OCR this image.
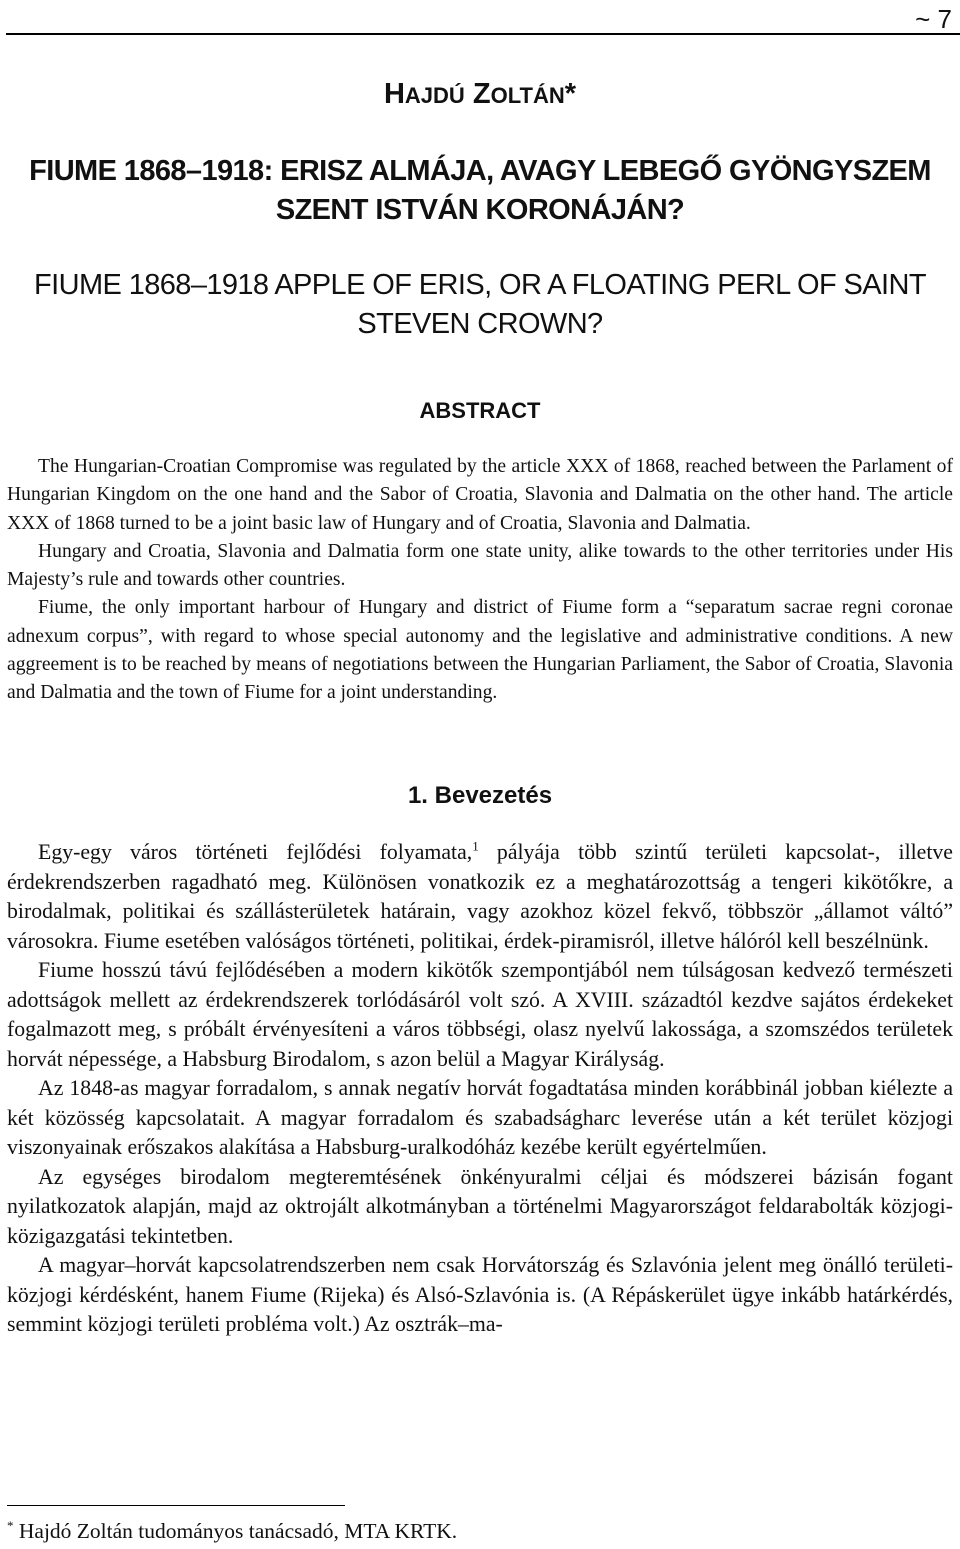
~ 7
HAJDÚ ZOLTÁN*
FIUME 1868–1918: ERISZ ALMÁJA, AVAGY LEBEGŐ GYÖNGYSZEM
SZENT ISTVÁN KORONÁJÁN?
FIUME 1868–1918 APPLE OF ERIS, OR A FLOATING PERL OF SAINT
STEVEN CROWN?
ABSTRACT

The Hungarian-Croatian Compromise was regulated by the article XXX of 1868, reached between the Parlament of Hungarian Kingdom on the one hand and the Sabor of Croatia, Slavonia and Dalmatia on the other hand. The article XXX of 1868 turned to be a joint basic law of Hungary and of Croatia, Slavonia and Dalmatia.

Hungary and Croatia, Slavonia and Dalmatia form one state unity, alike towards to the other territories under His Majesty’s rule and towards other countries.

Fiume, the only important harbour of Hungary and district of Fiume form a “separatum sacrae regni coronae adnexum corpus”, with regard to whose special autonomy and the legislative and administrative conditions. A new aggreement is to be reached by means of negotiations between the Hungarian Parliament, the Sabor of Croatia, Slavonia and Dalmatia and the town of Fiume for a joint understanding.

1. Bevezetés

Egy-egy város történeti fejlődési folyamata,$^1$ pályája több szintű területi kapcsolat-, illetve érdekrendszerben ragadható meg. Különösen vonatkozik ez a meghatározottság a tengeri kikötőkre, a birodalmak, politikai és szállásterületek határain, vagy azokhoz közel fekvő, többször „államot váltó” városokra. Fiume esetében valóságos történeti, politikai, érdek-piramisról, illetve hálóról kell beszélnünk.

Fiume hosszú távú fejlődésében a modern kikötők szempontjából nem túlságosan kedvező természeti adottságok mellett az érdekrendszerek torlódásáról volt szó. A XVIII. századtól kezdve sajátos érdekeket fogalmazott meg, s próbált érvényesíteni a város többségi, olasz nyelvű lakossága, a szomszédos területek horvát népessége, a Habsburg Birodalom, s azon belül a Magyar Királyság.

Az 1848-as magyar forradalom, s annak negatív horvát fogadtatása minden korábbinál jobban kiélezte a két közösség kapcsolatait. A magyar forradalom és szabadságharc leverése után a két terület közjogi viszonyainak erőszakos alakítása a Habsburg-uralkodóház kezébe került egyértelműen.

Az egységes birodalom megteremtésének önkényuralmi céljai és módszerei bázisán fogant nyilatkozatok alapján, majd az oktrojált alkotmányban a történelmi Magyarországot feldarabolták közjogi-közigazgatási tekintetben.

A magyar–horvát kapcsolatrendszerben nem csak Horvátország és Szlavónia jelent meg önálló területi-közjogi kérdésként, hanem Fiume (Rijeka) és Alsó-Szlavónia is. (A Répáskerület ügye inkább határkérdés, semmint közjogi területi probléma volt.) Az osztrák–ma-

* Hajdó Zoltán tudományos tanácsadó, MTA KRTK.
